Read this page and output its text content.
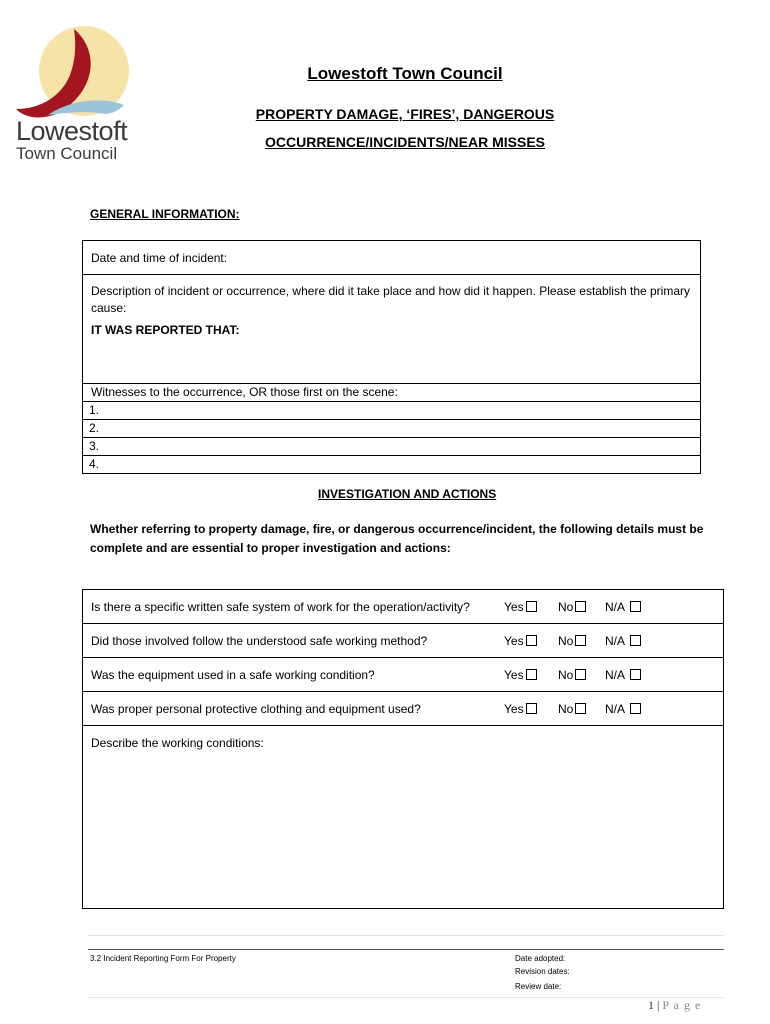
Lowestoft
Town Council
Lowestoft Town Council
PROPERTY DAMAGE, ‘FIRES’, DANGEROUS
OCCURRENCE/INCIDENTS/NEAR MISSES
GENERAL INFORMATION:
Date and time of incident:

Description of incident or occurrence, where did it take place and how did it happen. Please establish the primary cause:
IT WAS REPORTED THAT:

Witnesses to the occurrence, OR those first on the scene:
1.
2.
3.
4.
INVESTIGATION AND ACTIONS
Whether referring to property damage, fire, or dangerous occurrence/incident, the following details must be complete and are essential to proper investigation and actions:
Is there a specific written safe system of work for the operation/activity?	Yes	No	N/A

Did those involved follow the understood safe working method?	Yes	No	N/A

Was the equipment used in a safe working condition?	Yes	No	N/A

Was proper personal protective clothing and equipment used?	Yes	No	N/A

Describe the working conditions:
3.2 Incident Reporting Form For Property	Date adopted:
Revision dates:
Review date:
1 | P a g e
